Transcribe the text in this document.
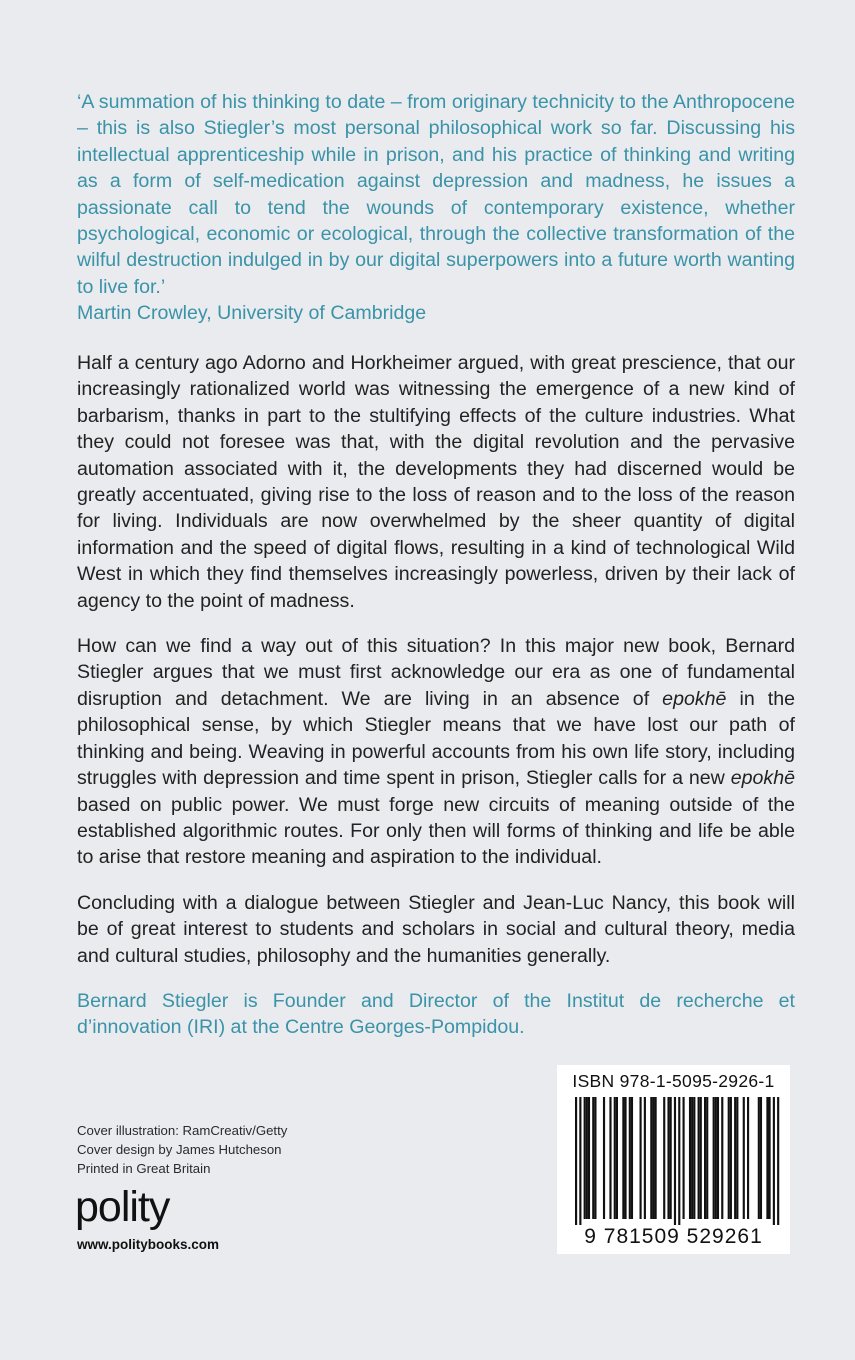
‘A summation of his thinking to date – from originary technicity to the Anthropocene – this is also Stiegler’s most personal philosophical work so far. Discussing his intellectual apprenticeship while in prison, and his practice of thinking and writing as a form of self-medication against depression and madness, he issues a passionate call to tend the wounds of contemporary existence, whether psychological, economic or ecological, through the collective transformation of the wilful destruction indulged in by our digital superpowers into a future worth wanting to live for.’

Martin Crowley, University of Cambridge

Half a century ago Adorno and Horkheimer argued, with great prescience, that our increasingly rationalized world was witnessing the emergence of a new kind of barbarism, thanks in part to the stultifying effects of the culture industries. What they could not foresee was that, with the digital revolution and the pervasive automation associated with it, the developments they had discerned would be greatly accentuated, giving rise to the loss of reason and to the loss of the reason for living. Individuals are now overwhelmed by the sheer quantity of digital information and the speed of digital flows, resulting in a kind of technological Wild West in which they find themselves increasingly powerless, driven by their lack of agency to the point of madness.

How can we find a way out of this situation? In this major new book, Bernard Stiegler argues that we must first acknowledge our era as one of fundamental disruption and detachment. We are living in an absence of epokhē in the philosophical sense, by which Stiegler means that we have lost our path of thinking and being. Weaving in powerful accounts from his own life story, including struggles with depression and time spent in prison, Stiegler calls for a new epokhē based on public power. We must forge new circuits of meaning outside of the established algorithmic routes. For only then will forms of thinking and life be able to arise that restore meaning and aspiration to the individual.

Concluding with a dialogue between Stiegler and Jean-Luc Nancy, this book will be of great interest to students and scholars in social and cultural theory, media and cultural studies, philosophy and the humanities generally.

Bernard Stiegler is Founder and Director of the Institut de recherche et d’innovation (IRI) at the Centre Georges-Pompidou.

Cover illustration: RamCreativ/Getty
Cover design by James Hutcheson
Printed in Great Britain
polity
www.politybooks.com
ISBN 978-1-5095-2926-1
9 781509 529261
